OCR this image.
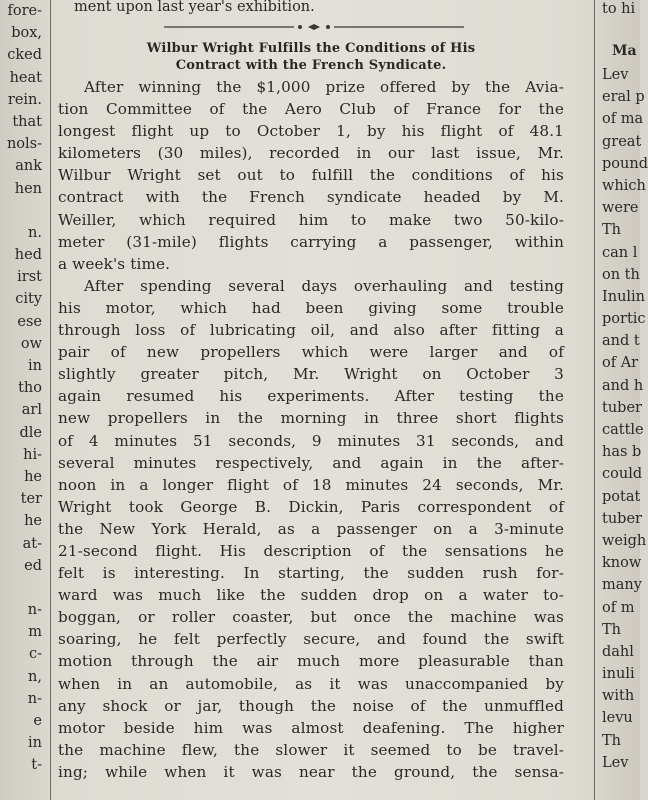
fore-
box,
cked
heat
rein.
that
nols-
ank
hen
n.
hed
irst
city
ese
ow
in
tho
arl
dle
hi-
he
ter
he
at-
ed
n-
m
c-
n,
n-
e
in
t-
ment upon last year's exhibition.
Wilbur Wright Fulfills the Conditions of His
Contract with the French Syndicate.
After winning the $1,000 prize offered by the Avia-
tion Committee of the Aero Club of France for the
longest flight up to October 1, by his flight of 48.1
kilometers (30 miles), recorded in our last issue, Mr.
Wilbur Wright set out to fulfill the conditions of his
contract with the French syndicate headed by M.
Weiller, which required him to make two 50-kilo-
meter (31-mile) flights carrying a passenger, within
a week's time.
After spending several days overhauling and testing
his motor, which had been giving some trouble
through loss of lubricating oil, and also after fitting a
pair of new propellers which were larger and of
slightly greater pitch, Mr. Wright on October 3
again resumed his experiments. After testing the
new propellers in the morning in three short flights
of 4 minutes 51 seconds, 9 minutes 31 seconds, and
several minutes respectively, and again in the after-
noon in a longer flight of 18 minutes 24 seconds, Mr.
Wright took George B. Dickin, Paris correspondent of
the New York Herald, as a passenger on a 3-minute
21-second flight. His description of the sensations he
felt is interesting. In starting, the sudden rush for-
ward was much like the sudden drop on a water to-
boggan, or roller coaster, but once the machine was
soaring, he felt perfectly secure, and found the swift
motion through the air much more pleasurable than
when in an automobile, as it was unaccompanied by
any shock or jar, though the noise of the unmuffled
motor beside him was almost deafening. The higher
the machine flew, the slower it seemed to be travel-
ing; while when it was near the ground, the sensa-
to hi
Ma
Lev
eral p
of ma
great
pound
which
were
Th
can l
on th
Inulin
portic
and t
of Ar
and h
tuber
cattle
has b
could
potat
tuber
weigh
know
many
of m
Th
dahl
inuli
with
levu
Th
Lev
